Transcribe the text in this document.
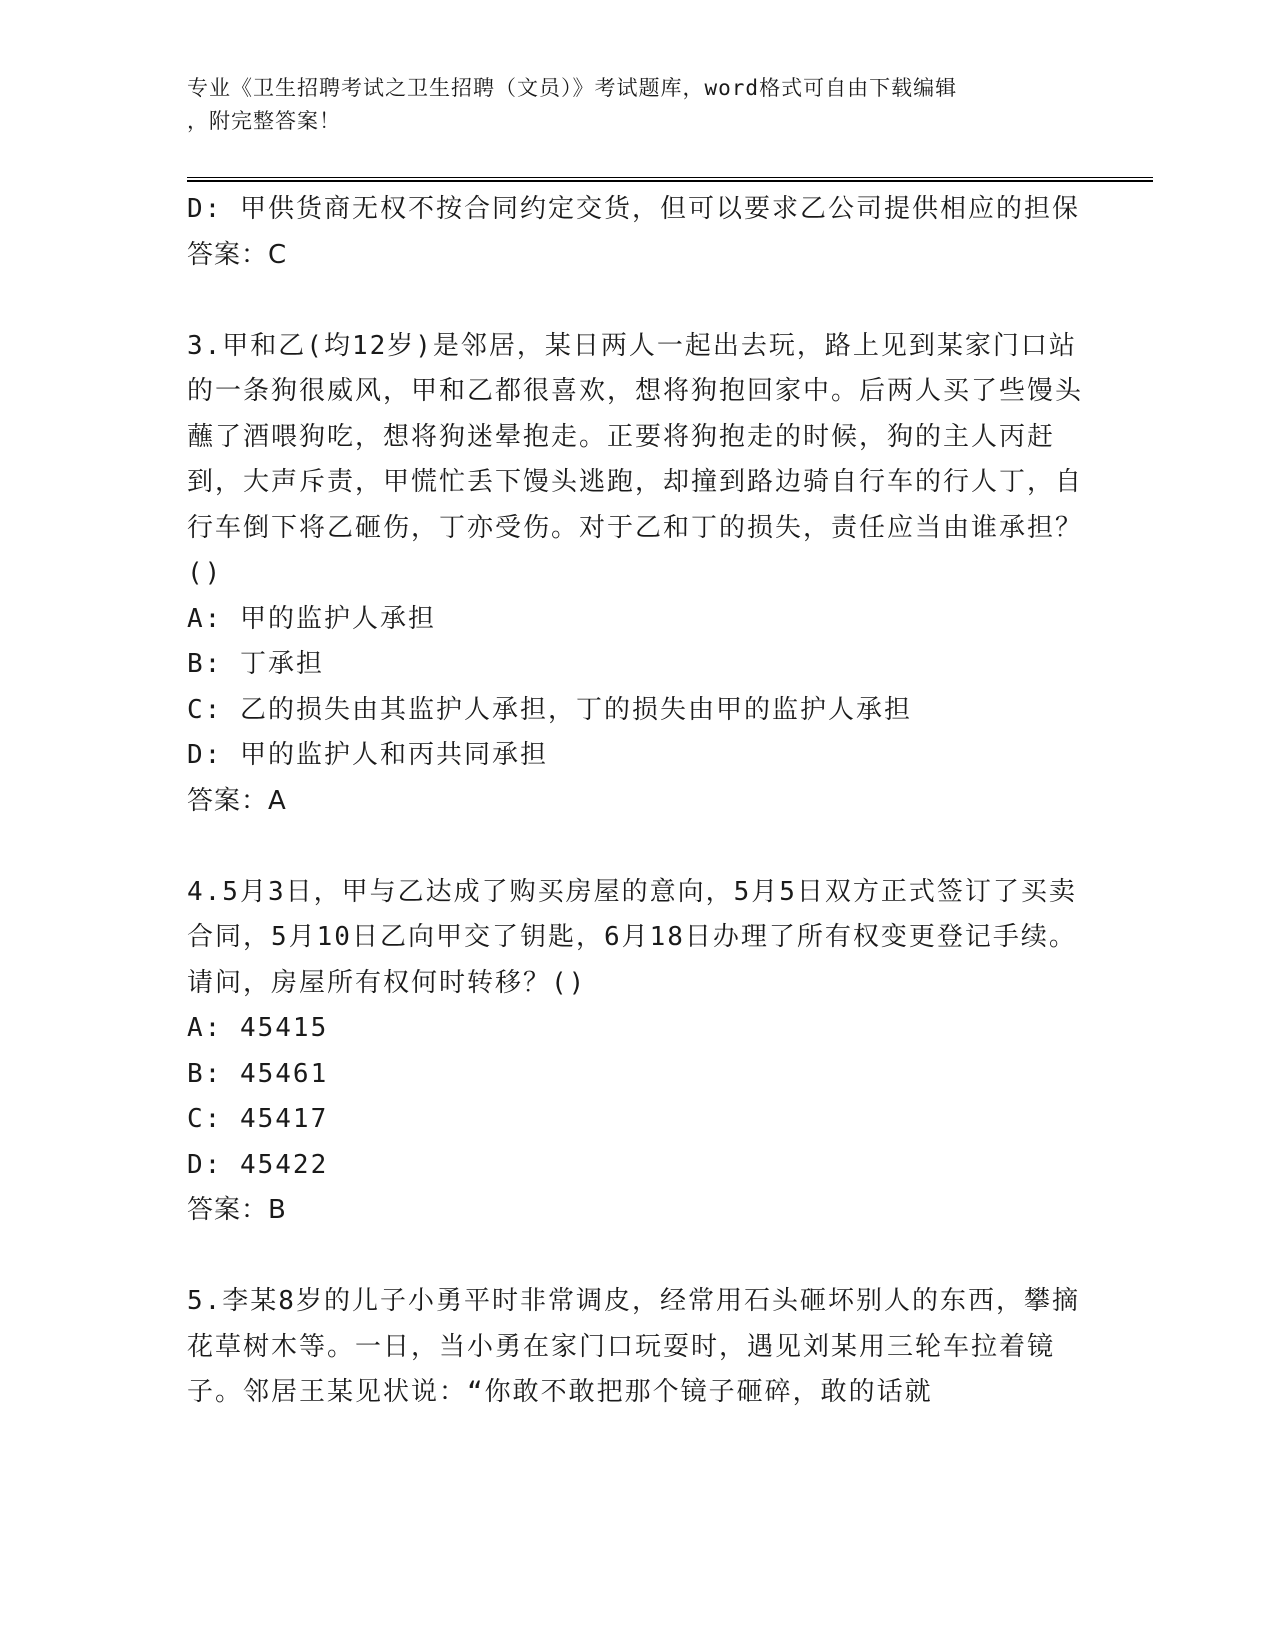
专业《卫生招聘考试之卫生招聘（文员）》考试题库，word格式可自由下载编辑
，附完整答案！
D: 甲供货商无权不按合同约定交货，但可以要求乙公司提供相应的担保
答案：C
3.甲和乙(均12岁)是邻居，某日两人一起出去玩，路上见到某家门口站的一条狗很威风，甲和乙都很喜欢，想将狗抱回家中。后两人买了些馒头蘸了酒喂狗吃，想将狗迷晕抱走。正要将狗抱走的时候，狗的主人丙赶到，大声斥责，甲慌忙丢下馒头逃跑，却撞到路边骑自行车的行人丁，自行车倒下将乙砸伤，丁亦受伤。对于乙和丁的损失，责任应当由谁承担？()
A: 甲的监护人承担
B: 丁承担
C: 乙的损失由其监护人承担，丁的损失由甲的监护人承担
D: 甲的监护人和丙共同承担
答案：A
4.5月3日，甲与乙达成了购买房屋的意向，5月5日双方正式签订了买卖合同，5月10日乙向甲交了钥匙，6月18日办理了所有权变更登记手续。请问，房屋所有权何时转移？()
A: 45415
B: 45461
C: 45417
D: 45422
答案：B
5.李某8岁的儿子小勇平时非常调皮，经常用石头砸坏别人的东西，攀摘花草树木等。一日，当小勇在家门口玩耍时，遇见刘某用三轮车拉着镜子。邻居王某见状说：“你敢不敢把那个镜子砸碎，敢的话就
